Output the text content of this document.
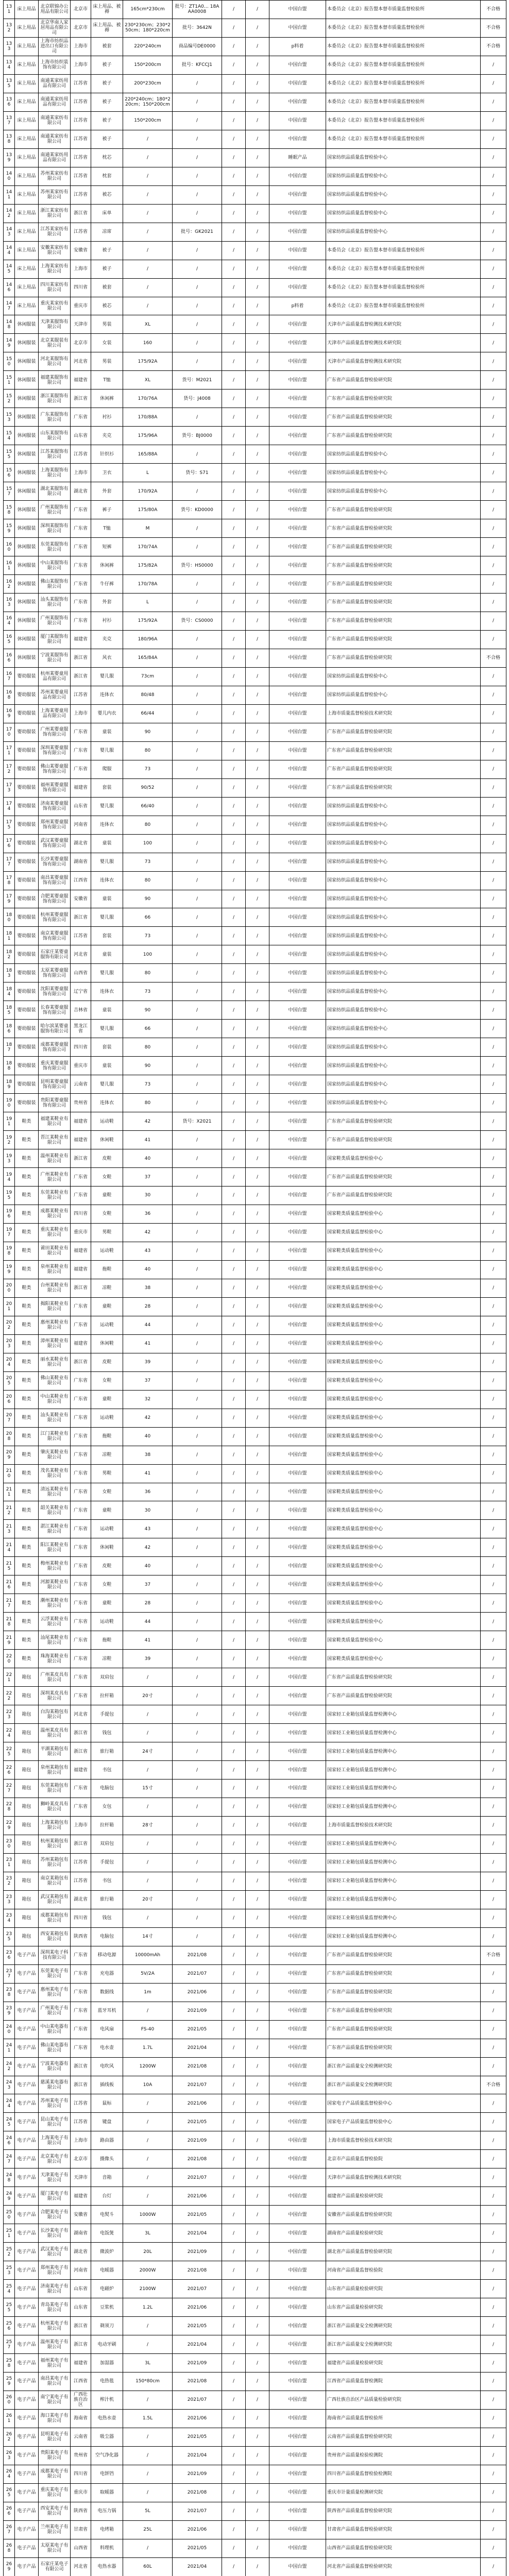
131	床上用品	北京联锦办公用品有限公司	北京市	床上用品、被褥	165cm*230cm	批号：ZT1A0… 18AAA0008	/	/	中国台盟	本委员会（北京）报告盟本督市质量监督检验所	不合格
132	床上用品	北京华南人家居用品有限公司	北京市	床上用品、被褥	230*230cm；230*250cm；180*220cm	批号：3642N	/	/	中国台盟	本委员会（北京）报告盟本督市质量监督检验所	不合格
133	床上用品	上海市纺织品进出口有限公司	上海市	被套	220*240cm	商品编号DE0000	/	/	p料着	本委员会（北京）报告盟本督市质量监督检验所	不合格
134	床上用品	上海市纺织装饰有限公司	上海市	被子	150*200cm	批号：KFCCJ1	/	/	中国台盟	本委员会（北京）报告盟本督市质量监督检验所	/
135	床上用品	南通某家纺用品有限公司	江苏省	被子	200*230cm	/	/	/	中国台盟	本委员会（北京）报告盟本督市质量监督检验所	/
136	床上用品	南通某家纺用品有限公司	江苏省	被子	220*240cm；180*220cm；150*200cm	/	/	/	中国台盟	本委员会（北京）报告盟本督市质量监督检验所	/
137	床上用品	南通某家纺有限公司	江苏省	被子	150*200cm	/	/	/	中国台盟	本委员会（北京）报告盟本督市质量监督检验所	/
138	床上用品	南通某家纺有限公司	江苏省	被子	/	/	/	/	中国台盟	本委员会（北京）报告盟本督市质量监督检验所	/
139	床上用品	南通某家纺用品有限公司	江苏省	枕芯	/	/	/	/	睡眠产品	国家纺织品质量监督检验中心	/
140	床上用品	苏州某家纺有限公司	江苏省	枕套	/	/	/	/	中国台盟	国家纺织品质量监督检验中心	/
141	床上用品	苏州某家纺有限公司	江苏省	被芯	/	/	/	/	中国台盟	国家纺织品质量监督检验中心	/
142	床上用品	浙江某家纺有限公司	浙江省	床单	/	/	/	/	中国台盟	国家纺织品质量监督检验中心	/
143	床上用品	江苏某家纺有限公司	江苏省	凉席	/	批号：GK2021	/	/	中国台盟	国家纺织品质量监督检验中心	/
144	床上用品	安徽某家纺有限公司	安徽省	被子	/	/	/	/	中国台盟	本委员会（北京）报告盟本督市质量监督检验所	/
145	床上用品	上海某家纺有限公司	上海市	被子	/	/	/	/	中国台盟	本委员会（北京）报告盟本督市质量监督检验所	/
146	床上用品	四川某家纺有限公司	四川省	被套	/	/	/	/	中国台盟	本委员会（北京）报告盟本督市质量监督检验所	/
147	床上用品	重庆某家纺有限公司	重庆市	被芯	/	/	/	/	p料着	本委员会（北京）报告盟本督市质量监督检验所	/
148	休闲服装	天津某服饰有限公司	天津市	男装	XL	/	/	/	中国台盟	天津市产品质量监督检测技术研究院	/
149	休闲服装	北京某服装有限公司	北京市	女装	160	/	/	/	中国台盟	天津市产品质量监督检测技术研究院	/
150	休闲服装	河北某服饰有限公司	河北省	男装	175/92A	/	/	/	中国台盟	天津市产品质量监督检测技术研究院	/
151	休闲服装	福建某服饰有限公司	福建省	T恤	XL	货号：M2021	/	/	中国台盟	广东省产品质量监督检验研究院	/
152	休闲服装	浙江某服饰有限公司	浙江省	休闲裤	170/76A	货号：J4008	/	/	中国台盟	广东省产品质量监督检验研究院	/
153	休闲服装	广东某服饰有限公司	广东省	衬衫	170/88A	/	/	/	中国台盟	广东省产品质量监督检验研究院	/
154	休闲服装	山东某服饰有限公司	山东省	夹克	175/96A	货号：BJ0000	/	/	中国台盟	广东省产品质量监督检验研究院	/
155	休闲服装	江苏某服饰有限公司	江苏省	针织衫	165/88A	/	/	/	中国台盟	国家纺织品质量监督检验中心	/
156	休闲服装	上海某服饰有限公司	上海市	卫衣	L	货号：S71	/	/	中国台盟	国家纺织品质量监督检验中心	/
157	休闲服装	湖北某服饰有限公司	湖北省	外套	170/92A	/	/	/	中国台盟	国家纺织品质量监督检验中心	/
158	休闲服装	广州某服饰有限公司	广东省	裤子	175/80A	货号：KD0000	/	/	中国台盟	广东省产品质量监督检验研究院	/
159	休闲服装	深圳某服饰有限公司	广东省	T恤	M	/	/	/	中国台盟	广东省产品质量监督检验研究院	/
160	休闲服装	东莞某服饰有限公司	广东省	短裤	170/74A	/	/	/	中国台盟	广东省产品质量监督检验研究院	/
161	休闲服装	中山某服饰有限公司	广东省	休闲裤	175/82A	货号：HS0000	/	/	中国台盟	广东省产品质量监督检验研究院	/
162	休闲服装	佛山某服饰有限公司	广东省	牛仔裤	170/78A	/	/	/	中国台盟	广东省产品质量监督检验研究院	/
163	休闲服装	汕头某服饰有限公司	广东省	外套	L	/	/	/	中国台盟	广东省产品质量监督检验研究院	/
164	休闲服装	广州某服饰有限公司	广东省	衬衫	175/92A	货号：CS0000	/	/	中国台盟	广东省产品质量监督检验研究院	/
165	休闲服装	厦门某服饰有限公司	福建省	夹克	180/96A	/	/	/	中国台盟	广东省产品质量监督检验研究院	/
166	休闲服装	宁波某服饰有限公司	浙江省	风衣	165/84A	/	/	/	中国台盟	广东省产品质量监督检验研究院	不合格
167	婴幼服装	杭州某婴童用品有限公司	浙江省	婴儿服	73cm	/	/	/	中国台盟	国家纺织品质量监督检验中心	/
168	婴幼服装	苏州某婴童用品有限公司	江苏省	连体衣	80/48	/	/	/	中国台盟	国家纺织品质量监督检验中心	/
169	婴幼服装	上海某婴童用品有限公司	上海市	婴儿内衣	66/44	/	/	/	中国台盟	上海市质量监督检验技术研究院	/
170	婴幼服装	广州某婴童服饰有限公司	广东省	童装	90	/	/	/	中国台盟	广东省产品质量监督检验研究院	/
171	婴幼服装	深圳某婴童服饰有限公司	广东省	婴儿服	80	/	/	/	中国台盟	广东省产品质量监督检验研究院	/
172	婴幼服装	佛山某婴童服饰有限公司	广东省	爬服	73	/	/	/	中国台盟	广东省产品质量监督检验研究院	/
173	婴幼服装	福州某婴童服饰有限公司	福建省	套装	90/52	/	/	/	中国台盟	广东省产品质量监督检验研究院	/
174	婴幼服装	济南某婴童服饰有限公司	山东省	婴儿服	66/40	/	/	/	中国台盟	国家纺织品质量监督检验中心	/
175	婴幼服装	郑州某婴童服饰有限公司	河南省	连体衣	80	/	/	/	中国台盟	国家纺织品质量监督检验中心	/
176	婴幼服装	武汉某婴童服饰有限公司	湖北省	童装	100	/	/	/	中国台盟	国家纺织品质量监督检验中心	/
177	婴幼服装	长沙某婴童服饰有限公司	湖南省	婴儿服	73	/	/	/	中国台盟	国家纺织品质量监督检验中心	/
178	婴幼服装	南昌某婴童服饰有限公司	江西省	连体衣	80	/	/	/	中国台盟	国家纺织品质量监督检验中心	/
179	婴幼服装	合肥某婴童服饰有限公司	安徽省	童装	90	/	/	/	中国台盟	国家纺织品质量监督检验中心	/
180	婴幼服装	杭州某婴童服饰有限公司	浙江省	婴儿服	66	/	/	/	中国台盟	国家纺织品质量监督检验中心	/
181	婴幼服装	南京某婴童服饰有限公司	江苏省	套装	73	/	/	/	中国台盟	国家纺织品质量监督检验中心	/
182	婴幼服装	石家庄某婴童服饰有限公司	河北省	童装	100	/	/	/	中国台盟	国家纺织品质量监督检验中心	/
183	婴幼服装	太原某婴童服饰有限公司	山西省	婴儿服	80	/	/	/	中国台盟	国家纺织品质量监督检验中心	/
184	婴幼服装	沈阳某婴童服饰有限公司	辽宁省	连体衣	73	/	/	/	中国台盟	国家纺织品质量监督检验中心	/
185	婴幼服装	长春某婴童服饰有限公司	吉林省	童装	90	/	/	/	中国台盟	国家纺织品质量监督检验中心	/
186	婴幼服装	哈尔滨某婴童服饰有限公司	黑龙江省	婴儿服	66	/	/	/	中国台盟	国家纺织品质量监督检验中心	/
187	婴幼服装	成都某婴童服饰有限公司	四川省	套装	80	/	/	/	中国台盟	国家纺织品质量监督检验中心	/
188	婴幼服装	重庆某婴童服饰有限公司	重庆市	童装	90	/	/	/	中国台盟	国家纺织品质量监督检验中心	/
189	婴幼服装	昆明某婴童服饰有限公司	云南省	婴儿服	73	/	/	/	中国台盟	国家纺织品质量监督检验中心	/
190	婴幼服装	贵阳某婴童服饰有限公司	贵州省	连体衣	80	/	/	/	中国台盟	国家纺织品质量监督检验中心	/
191	鞋类	福建某鞋业有限公司	福建省	运动鞋	42	货号：X2021	/	/	中国台盟	广东省产品质量监督检验研究院	/
192	鞋类	晋江某鞋业有限公司	福建省	休闲鞋	41	/	/	/	中国台盟	广东省产品质量监督检验研究院	/
193	鞋类	温州某鞋业有限公司	浙江省	皮鞋	40	/	/	/	中国台盟	国家鞋类质量监督检验中心	/
194	鞋类	广州某鞋业有限公司	广东省	女鞋	37	/	/	/	中国台盟	广东省产品质量监督检验研究院	/
195	鞋类	东莞某鞋业有限公司	广东省	童鞋	30	/	/	/	中国台盟	广东省产品质量监督检验研究院	/
196	鞋类	成都某鞋业有限公司	四川省	女鞋	36	/	/	/	中国台盟	国家鞋类质量监督检验中心	/
197	鞋类	重庆某鞋业有限公司	重庆市	男鞋	42	/	/	/	中国台盟	国家鞋类质量监督检验中心	/
198	鞋类	莆田某鞋业有限公司	福建省	运动鞋	43	/	/	/	中国台盟	国家鞋类质量监督检验中心	/
199	鞋类	泉州某鞋业有限公司	福建省	拖鞋	40	/	/	/	中国台盟	国家鞋类质量监督检验中心	/
200	鞋类	台州某鞋业有限公司	浙江省	凉鞋	38	/	/	/	中国台盟	国家鞋类质量监督检验中心	/
201	鞋类	揭阳某鞋业有限公司	广东省	童鞋	28	/	/	/	中国台盟	国家鞋类质量监督检验中心	/
202	鞋类	惠州某鞋业有限公司	广东省	运动鞋	44	/	/	/	中国台盟	国家鞋类质量监督检验中心	/
203	鞋类	漳州某鞋业有限公司	福建省	休闲鞋	41	/	/	/	中国台盟	国家鞋类质量监督检验中心	/
204	鞋类	丽水某鞋业有限公司	浙江省	皮鞋	39	/	/	/	中国台盟	国家鞋类质量监督检验中心	/
205	鞋类	佛山某鞋业有限公司	广东省	女鞋	37	/	/	/	中国台盟	国家鞋类质量监督检验中心	/
206	鞋类	中山某鞋业有限公司	广东省	童鞋	32	/	/	/	中国台盟	国家鞋类质量监督检验中心	/
207	鞋类	汕头某鞋业有限公司	广东省	运动鞋	42	/	/	/	中国台盟	国家鞋类质量监督检验中心	/
208	鞋类	江门某鞋业有限公司	广东省	拖鞋	40	/	/	/	中国台盟	国家鞋类质量监督检验中心	/
209	鞋类	肇庆某鞋业有限公司	广东省	凉鞋	38	/	/	/	中国台盟	国家鞋类质量监督检验中心	/
210	鞋类	茂名某鞋业有限公司	广东省	男鞋	41	/	/	/	中国台盟	国家鞋类质量监督检验中心	/
211	鞋类	清远某鞋业有限公司	广东省	女鞋	36	/	/	/	中国台盟	国家鞋类质量监督检验中心	/
212	鞋类	韶关某鞋业有限公司	广东省	童鞋	30	/	/	/	中国台盟	国家鞋类质量监督检验中心	/
213	鞋类	湛江某鞋业有限公司	广东省	运动鞋	43	/	/	/	中国台盟	国家鞋类质量监督检验中心	/
214	鞋类	阳江某鞋业有限公司	广东省	休闲鞋	42	/	/	/	中国台盟	国家鞋类质量监督检验中心	/
215	鞋类	梅州某鞋业有限公司	广东省	皮鞋	40	/	/	/	中国台盟	国家鞋类质量监督检验中心	/
216	鞋类	河源某鞋业有限公司	广东省	女鞋	37	/	/	/	中国台盟	国家鞋类质量监督检验中心	/
217	鞋类	潮州某鞋业有限公司	广东省	童鞋	28	/	/	/	中国台盟	国家鞋类质量监督检验中心	/
218	鞋类	云浮某鞋业有限公司	广东省	运动鞋	44	/	/	/	中国台盟	国家鞋类质量监督检验中心	/
219	鞋类	汕尾某鞋业有限公司	广东省	拖鞋	41	/	/	/	中国台盟	国家鞋类质量监督检验中心	/
220	鞋类	珠海某鞋业有限公司	广东省	凉鞋	39	/	/	/	中国台盟	国家鞋类质量监督检验中心	/
221	箱包	广州某皮具有限公司	广东省	双肩包	/	/	/	/	中国台盟	广东省产品质量监督检验研究院	/
222	箱包	深圳某皮具有限公司	广东省	拉杆箱	20寸	/	/	/	中国台盟	广东省产品质量监督检验研究院	/
223	箱包	白沟某箱包有限公司	河北省	手提包	/	/	/	/	中国台盟	国家轻工业箱包质量监督检测中心	/
224	箱包	温州某皮具有限公司	浙江省	钱包	/	/	/	/	中国台盟	国家轻工业箱包质量监督检测中心	/
225	箱包	平湖某箱包有限公司	浙江省	旅行箱	24寸	/	/	/	中国台盟	国家轻工业箱包质量监督检测中心	/
226	箱包	泉州某箱包有限公司	福建省	书包	/	/	/	/	中国台盟	国家轻工业箱包质量监督检测中心	/
227	箱包	东莞某箱包有限公司	广东省	电脑包	15寸	/	/	/	中国台盟	国家轻工业箱包质量监督检测中心	/
228	箱包	狮岭某皮具有限公司	广东省	女包	/	/	/	/	中国台盟	国家轻工业箱包质量监督检测中心	/
229	箱包	上海某箱包有限公司	上海市	拉杆箱	28寸	/	/	/	中国台盟	上海市质量监督检验技术研究院	/
230	箱包	杭州某箱包有限公司	浙江省	双肩包	/	/	/	/	中国台盟	国家轻工业箱包质量监督检测中心	/
231	箱包	苏州某箱包有限公司	江苏省	手提包	/	/	/	/	中国台盟	国家轻工业箱包质量监督检测中心	/
232	箱包	南京某箱包有限公司	江苏省	书包	/	/	/	/	中国台盟	国家轻工业箱包质量监督检测中心	/
233	箱包	武汉某箱包有限公司	湖北省	旅行箱	20寸	/	/	/	中国台盟	国家轻工业箱包质量监督检测中心	/
234	箱包	成都某箱包有限公司	四川省	钱包	/	/	/	/	中国台盟	国家轻工业箱包质量监督检测中心	/
235	箱包	西安某箱包有限公司	陕西省	电脑包	14寸	/	/	/	中国台盟	国家轻工业箱包质量监督检测中心	/
236	电子产品	深圳某电子科技有限公司	广东省	移动电源	10000mAh	2021/08	/	/	中国台盟	广东省产品质量监督检验研究院	不合格
237	电子产品	东莞某电子有限公司	广东省	充电器	5V/2A	2021/07	/	/	中国台盟	广东省产品质量监督检验研究院	/
238	电子产品	惠州某电子有限公司	广东省	数据线	1m	2021/06	/	/	中国台盟	广东省产品质量监督检验研究院	/
239	电子产品	广州某电子有限公司	广东省	蓝牙耳机	/	2021/09	/	/	中国台盟	广东省产品质量监督检验研究院	/
240	电子产品	中山某电器有限公司	广东省	电风扇	FS-40	2021/05	/	/	中国台盟	广东省产品质量监督检验研究院	/
241	电子产品	佛山某电器有限公司	广东省	电水壶	1.7L	2021/04	/	/	中国台盟	广东省产品质量监督检验研究院	/
242	电子产品	宁波某电器有限公司	浙江省	电吹风	1200W	2021/08	/	/	中国台盟	浙江省产品质量安全检测研究院	/
243	电子产品	慈溪某电器有限公司	浙江省	插线板	10A	2021/07	/	/	中国台盟	浙江省产品质量安全检测研究院	不合格
244	电子产品	苏州某电子有限公司	江苏省	鼠标	/	2021/06	/	/	中国台盟	国家电子产品质量监督检验中心	/
245	电子产品	昆山某电子有限公司	江苏省	键盘	/	2021/05	/	/	中国台盟	国家电子产品质量监督检验中心	/
246	电子产品	上海某电子有限公司	上海市	路由器	/	2021/09	/	/	中国台盟	上海市质量监督检验技术研究院	/
247	电子产品	北京某电子有限公司	北京市	摄像头	/	2021/08	/	/	中国台盟	北京市产品质量监督检验院	/
248	电子产品	天津某电子有限公司	天津市	音箱	/	2021/07	/	/	中国台盟	天津市产品质量监督检测技术研究院	/
249	电子产品	厦门某电子有限公司	福建省	台灯	/	2021/06	/	/	中国台盟	福建省产品质量检验研究院	/
250	电子产品	合肥某电子有限公司	安徽省	电熨斗	1000W	2021/05	/	/	中国台盟	安徽省产品质量监督检验研究院	/
251	电子产品	长沙某电子有限公司	湖南省	电饭煲	3L	2021/04	/	/	中国台盟	湖南省产品质量检验研究院	/
252	电子产品	武汉某电子有限公司	湖北省	微波炉	20L	2021/09	/	/	中国台盟	湖北省产品质量监督检验研究院	/
253	电子产品	郑州某电子有限公司	河南省	电暖器	2000W	2021/08	/	/	中国台盟	河南省产品质量监督检验院	/
254	电子产品	济南某电子有限公司	山东省	电磁炉	2100W	2021/07	/	/	中国台盟	山东省产品质量检验研究院	/
255	电子产品	青岛某电子有限公司	山东省	豆浆机	1.2L	2021/06	/	/	中国台盟	山东省产品质量检验研究院	/
256	电子产品	杭州某电子有限公司	浙江省	剃须刀	/	2021/05	/	/	中国台盟	浙江省产品质量安全检测研究院	/
257	电子产品	温州某电子有限公司	浙江省	电动牙刷	/	2021/04	/	/	中国台盟	浙江省产品质量安全检测研究院	/
258	电子产品	福州某电子有限公司	福建省	加湿器	3L	2021/09	/	/	中国台盟	福建省产品质量检验研究院	/
259	电子产品	南昌某电子有限公司	江西省	电热毯	150*80cm	2021/08	/	/	中国台盟	江西省产品质量监督检测院	/
260	电子产品	南宁某电子有限公司	广西壮族自治区	榨汁机	/	2021/07	/	/	中国台盟	广西壮族自治区产品质量检验研究院	/
261	电子产品	海口某电子有限公司	海南省	电热水壶	1.5L	2021/06	/	/	中国台盟	海南省产品质量监督检验所	/
262	电子产品	昆明某电子有限公司	云南省	吸尘器	/	2021/05	/	/	中国台盟	云南省产品质量监督检验研究院	/
263	电子产品	贵阳某电子有限公司	贵州省	空气净化器	/	2021/04	/	/	中国台盟	贵州省产品质量检验检测院	/
264	电子产品	成都某电子有限公司	四川省	电饼铛	/	2021/09	/	/	中国台盟	四川省产品质量监督检验检测院	/
265	电子产品	重庆某电子有限公司	重庆市	取暖器	/	2021/08	/	/	中国台盟	重庆市计量质量检测研究院	/
266	电子产品	西安某电子有限公司	陕西省	电压力锅	5L	2021/07	/	/	中国台盟	陕西省产品质量监督检验研究院	/
267	电子产品	兰州某电子有限公司	甘肃省	电烤箱	25L	2021/06	/	/	中国台盟	甘肃省产品质量监督检验研究院	/
268	电子产品	太原某电子有限公司	山西省	料理机	/	2021/05	/	/	中国台盟	山西省产品质量监督检验研究院	/
269	电子产品	石家庄某电子有限公司	河北省	电热水器	60L	2021/04	/	/	中国台盟	河北省产品质量监督检验研究院	/
